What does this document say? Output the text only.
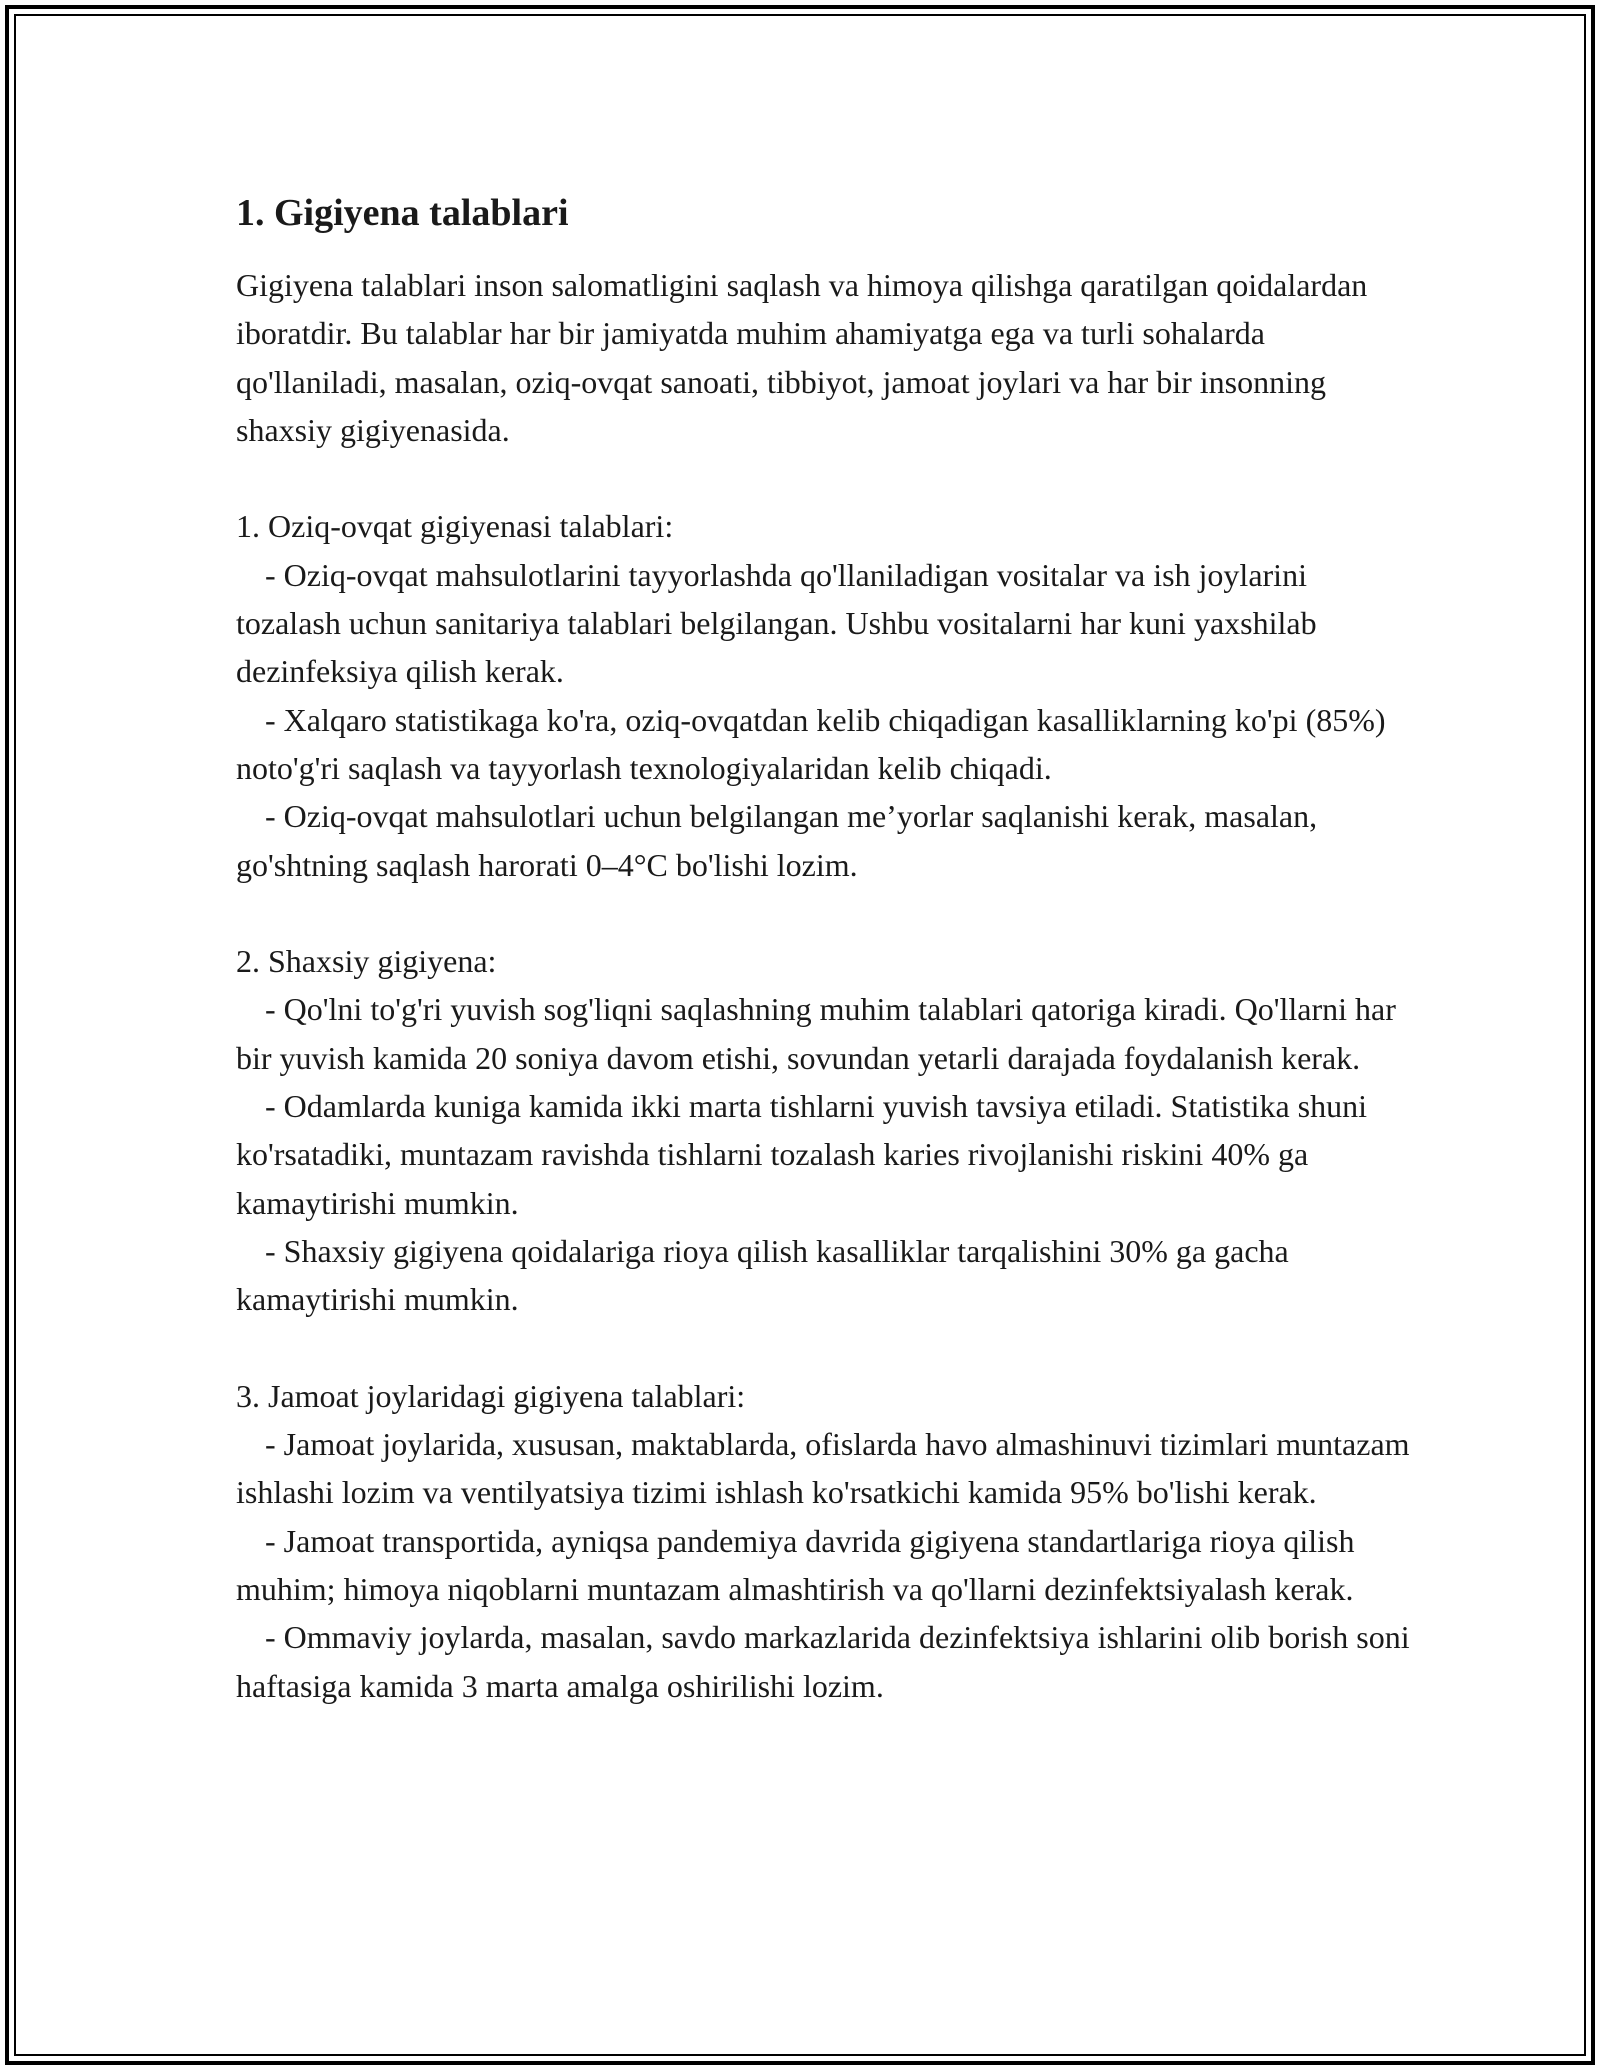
1. Gigiyena talablari

Gigiyena talablari inson salomatligini saqlash va himoya qilishga qaratilgan qoidalardan iboratdir. Bu talablar har bir jamiyatda muhim ahamiyatga ega va turli sohalarda qo'llaniladi, masalan, oziq-ovqat sanoati, tibbiyot, jamoat joylari va har bir insonning shaxsiy gigiyenasida.

1. Oziq-ovqat gigiyenasi talablari:

- Oziq-ovqat mahsulotlarini tayyorlashda qo'llaniladigan vositalar va ish joylarini tozalash uchun sanitariya talablari belgilangan. Ushbu vositalarni har kuni yaxshilab dezinfeksiya qilish kerak.

- Xalqaro statistikaga ko'ra, oziq-ovqatdan kelib chiqadigan kasalliklarning ko'pi (85%) noto'g'ri saqlash va tayyorlash texnologiyalaridan kelib chiqadi.

- Oziq-ovqat mahsulotlari uchun belgilangan me’yorlar saqlanishi kerak, masalan, go'shtning saqlash harorati 0–4°C bo'lishi lozim.

2. Shaxsiy gigiyena:

- Qo'lni to'g'ri yuvish sog'liqni saqlashning muhim talablari qatoriga kiradi. Qo'llarni har bir yuvish kamida 20 soniya davom etishi, sovundan yetarli darajada foydalanish kerak.

- Odamlarda kuniga kamida ikki marta tishlarni yuvish tavsiya etiladi. Statistika shuni ko'rsatadiki, muntazam ravishda tishlarni tozalash karies rivojlanishi riskini 40% ga kamaytirishi mumkin.

- Shaxsiy gigiyena qoidalariga rioya qilish kasalliklar tarqalishini 30% ga gacha kamaytirishi mumkin.

3. Jamoat joylaridagi gigiyena talablari:

- Jamoat joylarida, xususan, maktablarda, ofislarda havo almashinuvi tizimlari muntazam ishlashi lozim va ventilyatsiya tizimi ishlash ko'rsatkichi kamida 95% bo'lishi kerak.

- Jamoat transportida, ayniqsa pandemiya davrida gigiyena standartlariga rioya qilish muhim; himoya niqoblarni muntazam almashtirish va qo'llarni dezinfektsiyalash kerak.

- Ommaviy joylarda, masalan, savdo markazlarida dezinfektsiya ishlarini olib borish soni haftasiga kamida 3 marta amalga oshirilishi lozim.
